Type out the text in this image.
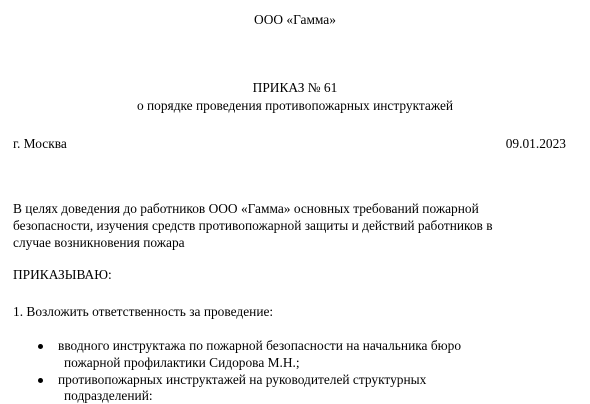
ООО «Гамма»
ПРИКАЗ № 61
о порядке проведения противопожарных инструктажей
г. Москва	09.01.2023
В целях доведения до работников ООО «Гамма» основных требований пожарной
безопасности, изучения средств противопожарной защиты и действий работников в
случае возникновения пожара
ПРИКАЗЫВАЮ:
1. Возложить ответственность за проведение:
вводного инструктажа по пожарной безопасности на начальника бюро
пожарной профилактики Сидорова М.Н.;
противопожарных инструктажей на руководителей структурных
подразделений:
